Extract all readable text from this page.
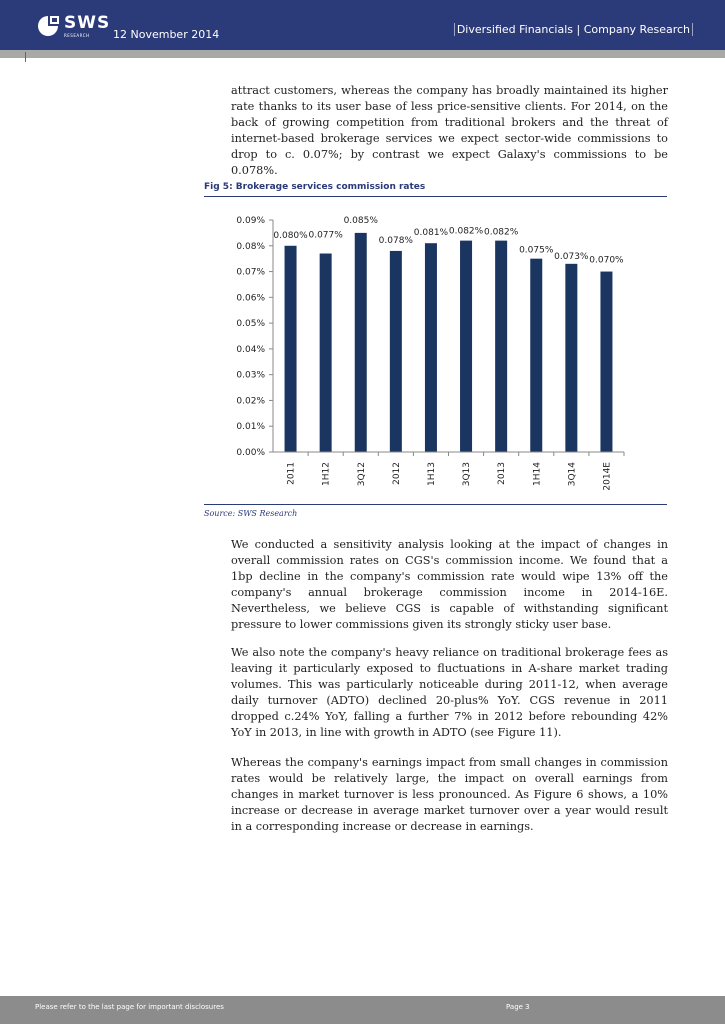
SWS
RESEARCH 12 November 2014	Diversified Financials | Company Research

attract customers, whereas the company has broadly maintained its higher rate thanks to its user base of less price-sensitive clients. For 2014, on the back of growing competition from traditional brokers and the threat of internet-based brokerage services we expect sector-wide commissions to drop to c. 0.07%; by contrast we expect Galaxy's commissions to be 0.078%.

Fig 5: Brokerage services commission rates
0.00%
0.01%
0.02%
0.03%
0.04%
0.05%
0.06%
0.07%
0.08%
0.09%
0.080% 0.077%
0.085%
0.078%
0.081% 0.082% 0.082%
0.075%
0.073% 0.070%
2011	1H12	3Q12	2012	1H13	3Q13	2013	1H14	3Q14	2014E
Source: SWS Research

We conducted a sensitivity analysis looking at the impact of changes in overall commission rates on CGS's commission income. We found that a 1bp decline in the company's commission rate would wipe 13% off the company's annual brokerage commission income in 2014-16E. Nevertheless, we believe CGS is capable of withstanding significant pressure to lower commissions given its strongly sticky user base.

We also note the company's heavy reliance on traditional brokerage fees as leaving it particularly exposed to fluctuations in A-share market trading volumes. This was particularly noticeable during 2011-12, when average daily turnover (ADTO) declined 20-plus% YoY. CGS revenue in 2011 dropped c.24% YoY, falling a further 7% in 2012 before rebounding 42% YoY in 2013, in line with growth in ADTO (see Figure 11).

Whereas the company's earnings impact from small changes in commission rates would be relatively large, the impact on overall earnings from changes in market turnover is less pronounced. As Figure 6 shows, a 10% increase or decrease in average market turnover over a year would result in a corresponding increase or decrease in earnings.

Please refer to the last page for important disclosures	Page 3
